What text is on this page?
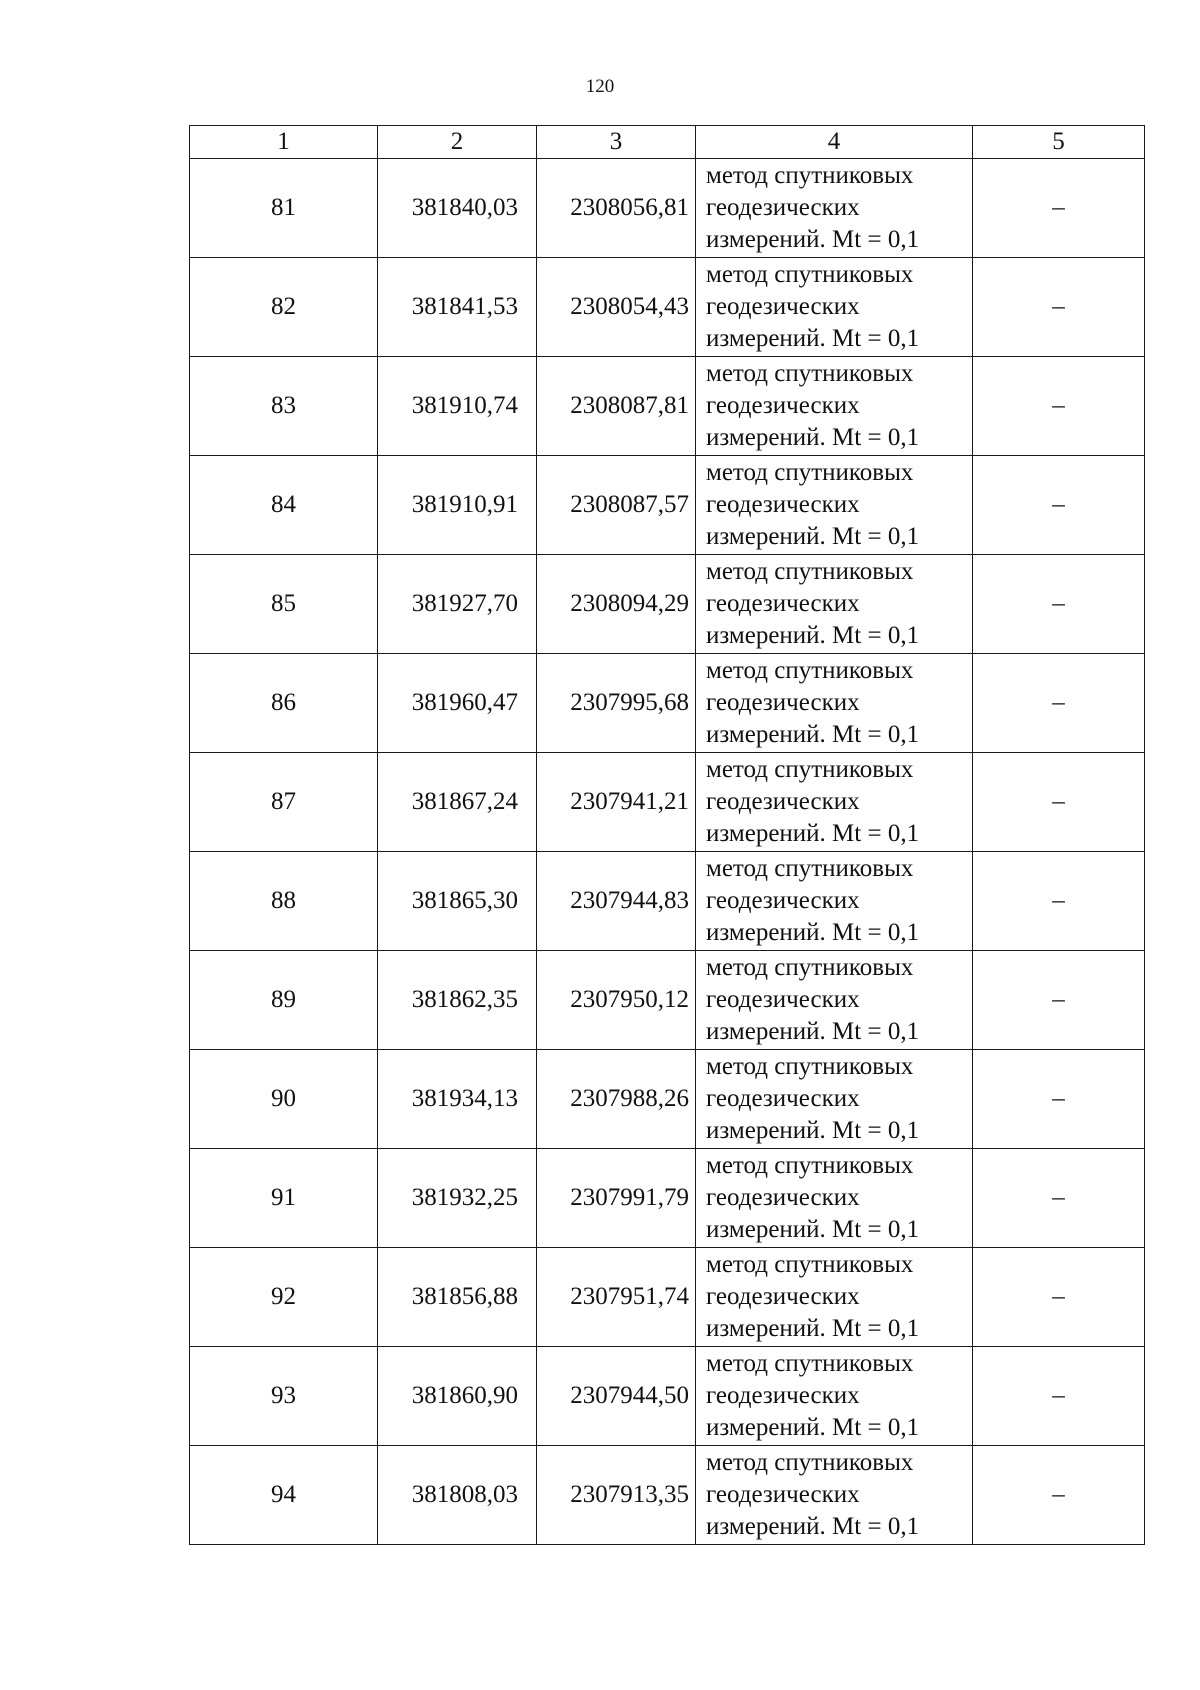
120
1	2	3	4	5
81	381840,03	2308056,81	метод спутниковых
геодезических
измерений. Mt = 0,1	–
82	381841,53	2308054,43	метод спутниковых
геодезических
измерений. Mt = 0,1	–
83	381910,74	2308087,81	метод спутниковых
геодезических
измерений. Mt = 0,1	–
84	381910,91	2308087,57	метод спутниковых
геодезических
измерений. Mt = 0,1	–
85	381927,70	2308094,29	метод спутниковых
геодезических
измерений. Mt = 0,1	–
86	381960,47	2307995,68	метод спутниковых
геодезических
измерений. Mt = 0,1	–
87	381867,24	2307941,21	метод спутниковых
геодезических
измерений. Mt = 0,1	–
88	381865,30	2307944,83	метод спутниковых
геодезических
измерений. Mt = 0,1	–
89	381862,35	2307950,12	метод спутниковых
геодезических
измерений. Mt = 0,1	–
90	381934,13	2307988,26	метод спутниковых
геодезических
измерений. Mt = 0,1	–
91	381932,25	2307991,79	метод спутниковых
геодезических
измерений. Mt = 0,1	–
92	381856,88	2307951,74	метод спутниковых
геодезических
измерений. Mt = 0,1	–
93	381860,90	2307944,50	метод спутниковых
геодезических
измерений. Mt = 0,1	–
94	381808,03	2307913,35	метод спутниковых
геодезических
измерений. Mt = 0,1	–
